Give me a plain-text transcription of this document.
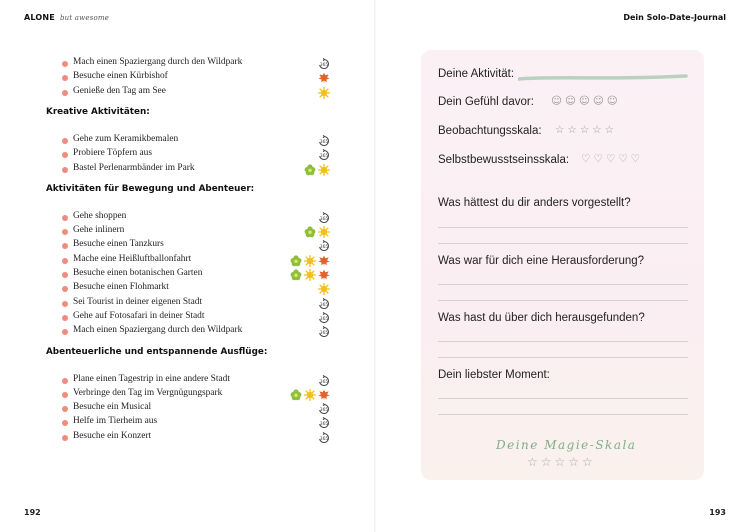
ALONE but awesome	Dein Solo-Date-Journal
Mach einen Spaziergang durch den Wildpark	365
Besuche einen Kürbishof
Genieße den Tag am See
Kreative Aktivitäten:
Gehe zum Keramikbemalen	365
Probiere Töpfern aus	365
Bastel Perlenarmbänder im Park
Aktivitäten für Bewegung und Abenteuer:
Gehe shoppen	365
Gehe inlinern
Besuche einen Tanzkurs	365
Mache eine Heißluftballonfahrt
Besuche einen botanischen Garten
Besuche einen Flohmarkt
Sei Tourist in deiner eigenen Stadt	365
Gehe auf Fotosafari in deiner Stadt	365
Mach einen Spaziergang durch den Wildpark	365
Abenteuerliche und entspannende Ausflüge:
Plane einen Tagestrip in eine andere Stadt	365
Verbringe den Tag im Vergnügungspark
Besuche ein Musical	365
Helfe im Tierheim aus	365
Besuche ein Konzert	365
Deine Aktivität:
Dein Gefühl davor: ☺☺☺☺☺
Beobachtungsskala: ☆☆☆☆☆
Selbstbewusstseinsskala: ♡♡♡♡♡
Was hättest du dir anders vorgestellt?
Was war für dich eine Herausforderung?
Was hast du über dich herausgefunden?
Dein liebster Moment:
Deine Magie-Skala
☆☆☆☆☆
192	193
